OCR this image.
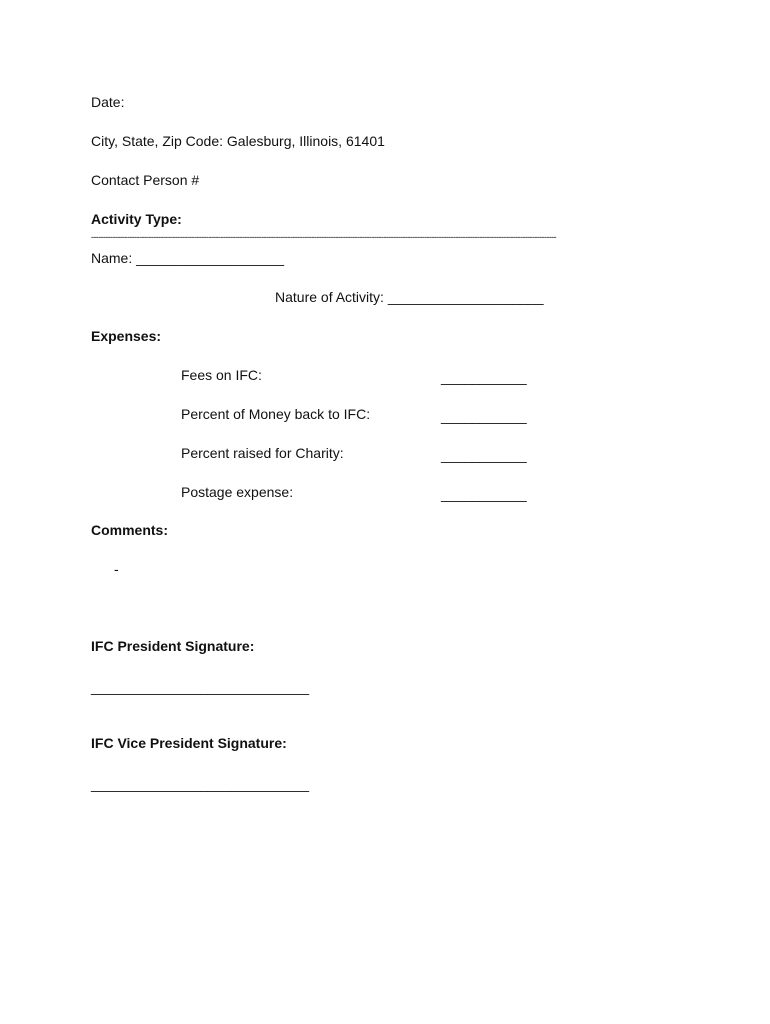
Date:
City, State, Zip Code: Galesburg, Illinois, 61401
Contact Person #
Activity Type:
--------------------------------------------------------------------------------------------------------------------------------------------------------------------------------------------------
Name: ___________________
Nature of Activity: ____________________
Expenses:
Fees on IFC:	___________
Percent of Money back to IFC:	___________
Percent raised for Charity:	___________
Postage expense:	___________
Comments:
-
IFC President Signature:
____________________________
IFC Vice President Signature:
____________________________
